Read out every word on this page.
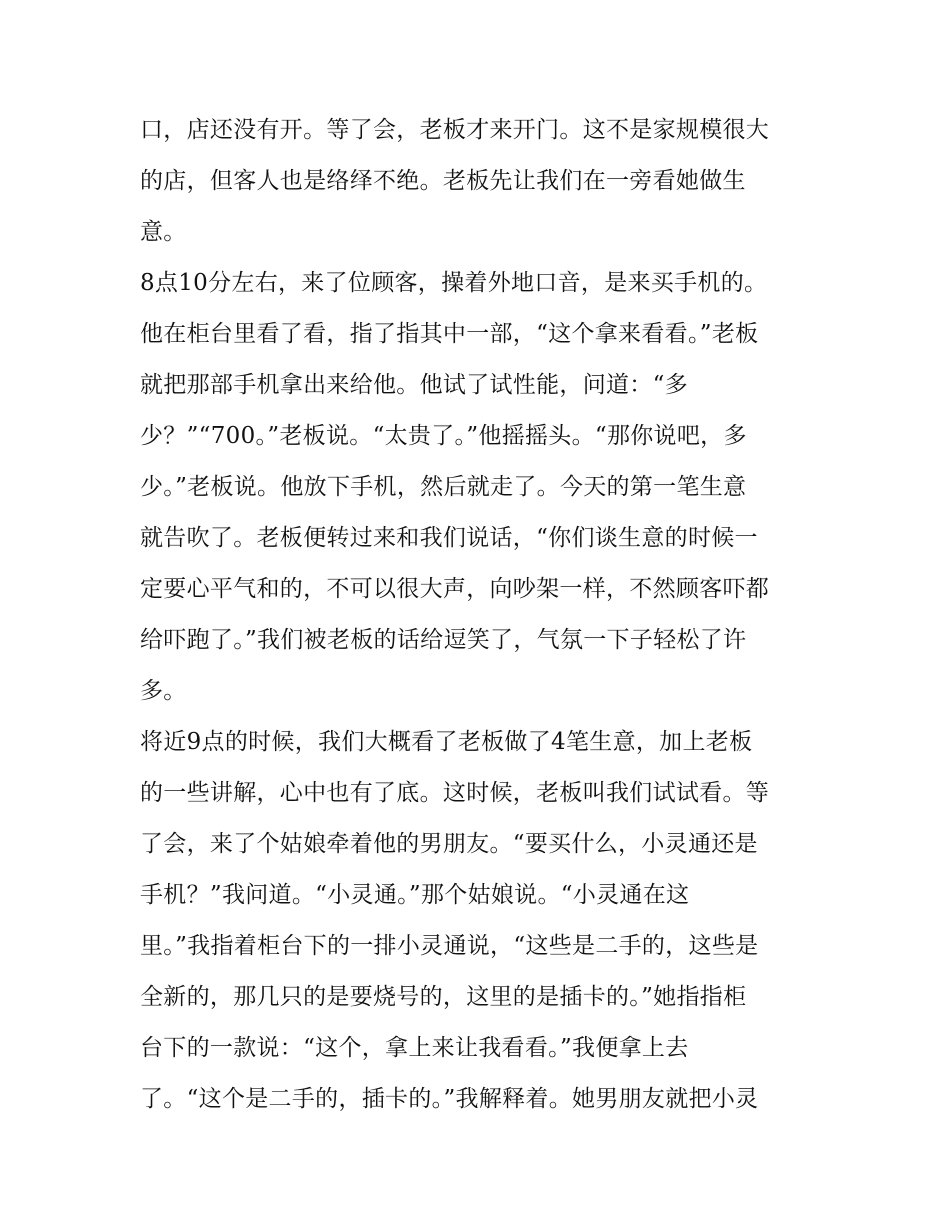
口，店还没有开。等了会，老板才来开门。这不是家规模很大
的店，但客人也是络绎不绝。老板先让我们在一旁看她做生
意。
8点10分左右，来了位顾客，操着外地口音，是来买手机的。
他在柜台里看了看，指了指其中一部，“这个拿来看看。”老板
就把那部手机拿出来给他。他试了试性能，问道：“多
少？”“700。”老板说。“太贵了。”他摇摇头。“那你说吧，多
少。”老板说。他放下手机，然后就走了。今天的第一笔生意
就告吹了。老板便转过来和我们说话，“你们谈生意的时候一
定要心平气和的，不可以很大声，向吵架一样，不然顾客吓都
给吓跑了。”我们被老板的话给逗笑了，气氛一下子轻松了许
多。
将近9点的时候，我们大概看了老板做了4笔生意，加上老板
的一些讲解，心中也有了底。这时候，老板叫我们试试看。等
了会，来了个姑娘牵着他的男朋友。“要买什么，小灵通还是
手机？”我问道。“小灵通。”那个姑娘说。“小灵通在这
里。”我指着柜台下的一排小灵通说，“这些是二手的，这些是
全新的，那几只的是要烧号的，这里的是插卡的。”她指指柜
台下的一款说：“这个，拿上来让我看看。”我便拿上去
了。“这个是二手的，插卡的。”我解释着。她男朋友就把小灵
